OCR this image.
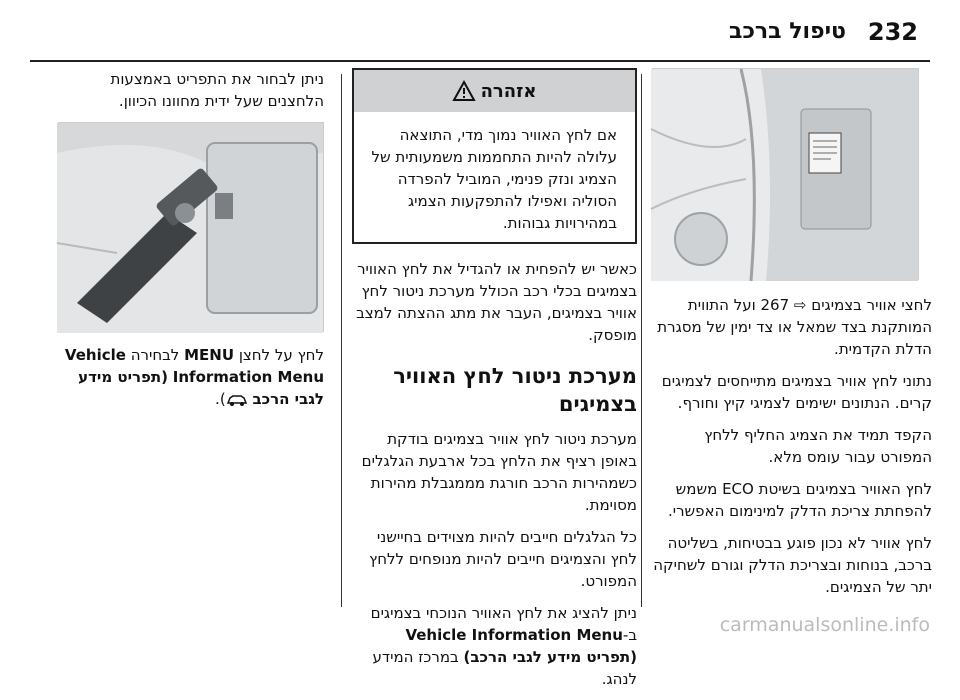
232
טיפול ברכב

לחצי אוויר בצמיגים ⇨ 267 ועל התווית המותקנת בצד שמאל או צד ימין של מסגרת הדלת הקדמית.

נתוני לחץ אוויר בצמיגים מתייחסים לצמיגים קרים. הנתונים ישימים לצמיגי קיץ וחורף.

הקפד תמיד את הצמיג החליף ללחץ המפורט עבור עומס מלא.

לחץ האוויר בצמיגים בשיטת ECO משמש להפחתת צריכת הדלק למינימום האפשרי.

לחץ אוויר לא נכון פוגע בבטיחות, בשליטה ברכב, בנוחות ובצריכת הדלק וגורם לשחיקה יתר של הצמיגים.

אזהרה

אם לחץ האוויר נמוך מדי, התוצאה עלולה להיות התחממות משמעותית של הצמיג ונזק פנימי, המוביל להפרדה הסוליה ואפילו להתפקעות הצמיג במהירויות גבוהות.

כאשר יש להפחית או להגדיל את לחץ האוויר בצמיגים בכלי רכב הכולל מערכת ניטור לחץ אוויר בצמיגים, העבר את מתג ההצתה למצב מופסק.

מערכת ניטור לחץ האוויר בצמיגים

מערכת ניטור לחץ אוויר בצמיגים בודקת באופן רציף את הלחץ בכל ארבעת הגלגלים כשמהירות הרכב חורגת מממגבלת מהירות מסוימת.

כל הגלגלים חייבים להיות מצוידים בחיישני לחץ והצמיגים חייבים להיות מנופחים ללחץ המפורט.

ניתן להציג את לחץ האוויר הנוכחי בצמיגים ב-Vehicle Information Menu (תפריט מידע לגבי הרכב) במרכז המידע לנהג.

ניתן לבחור את התפריט באמצעות הלחצנים שעל ידית מחוונו הכיוון.

לחץ על לחצן MENU לבחירה Vehicle Information Menu (תפריט מידע לגבי הרכב ).

carmanualsonline.info
